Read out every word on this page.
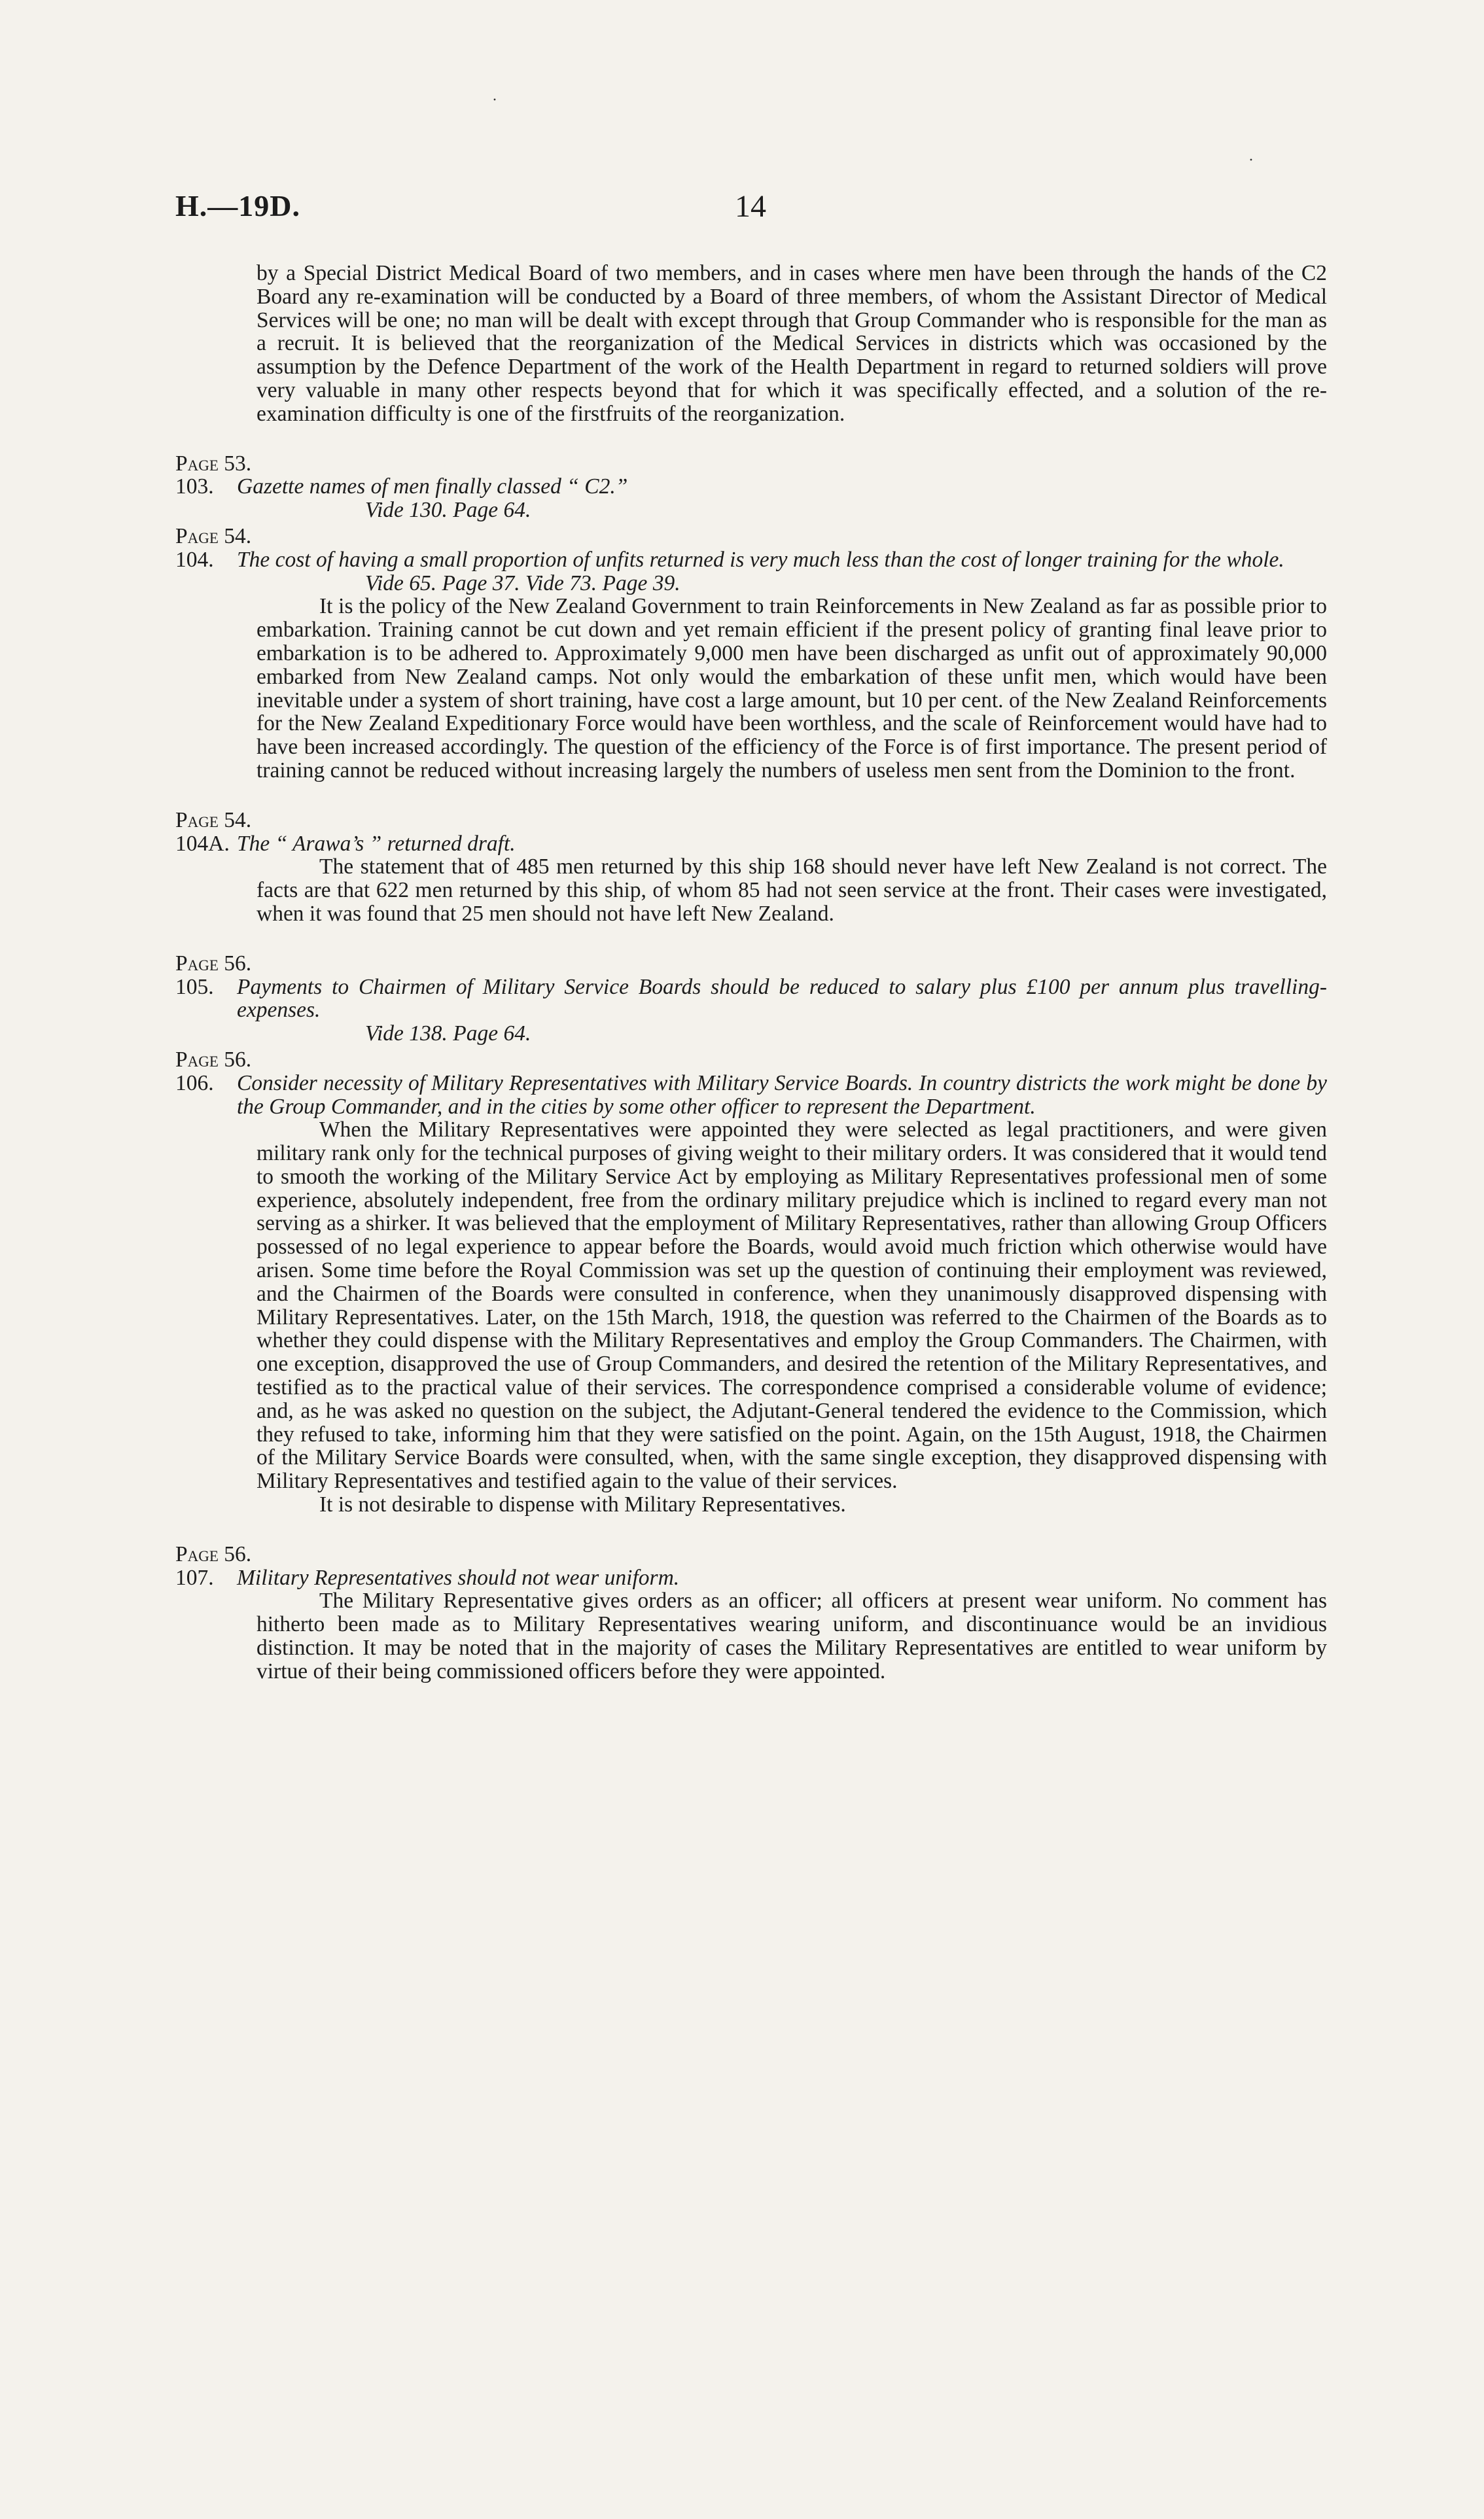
·
·
H.—19D.	14

by a Special District Medical Board of two members, and in cases where men have been through the hands of the C2 Board any re-examination will be conducted by a Board of three members, of whom the Assistant Director of Medical Services will be one; no man will be dealt with except through that Group Commander who is responsible for the man as a recruit. It is believed that the reorganization of the Medical Services in districts which was occasioned by the assumption by the Defence Department of the work of the Health Department in regard to returned soldiers will prove very valuable in many other respects beyond that for which it was specifically effected, and a solution of the re-examination difficulty is one of the firstfruits of the reorganization.

Page 53.
103.	Gazette names of men finally classed “ C2.”
Vide 130. Page 64.
Page 54.
104.	The cost of having a small proportion of unfits returned is very much less than the cost of longer training for the whole.
Vide 65. Page 37. Vide 73. Page 39.

It is the policy of the New Zealand Government to train Reinforcements in New Zealand as far as possible prior to embarkation. Training cannot be cut down and yet remain efficient if the present policy of granting final leave prior to embarkation is to be adhered to. Approximately 9,000 men have been discharged as unfit out of approximately 90,000 embarked from New Zealand camps. Not only would the embarkation of these unfit men, which would have been inevitable under a system of short training, have cost a large amount, but 10 per cent. of the New Zealand Reinforcements for the New Zealand Expeditionary Force would have been worthless, and the scale of Reinforcement would have had to have been increased accordingly. The question of the efficiency of the Force is of first importance. The present period of training cannot be reduced without increasing largely the numbers of useless men sent from the Dominion to the front.

Page 54.
104A. The “ Arawa’s ” returned draft.

The statement that of 485 men returned by this ship 168 should never have left New Zealand is not correct. The facts are that 622 men returned by this ship, of whom 85 had not seen service at the front. Their cases were investigated, when it was found that 25 men should not have left New Zealand.

Page 56.
105.	Payments to Chairmen of Military Service Boards should be reduced to salary plus £100 per annum plus travelling-expenses.
Vide 138. Page 64.
Page 56.
106.	Consider necessity of Military Representatives with Military Service Boards. In country districts the work might be done by the Group Commander, and in the cities by some other officer to represent the Department.

When the Military Representatives were appointed they were selected as legal practitioners, and were given military rank only for the technical purposes of giving weight to their military orders. It was considered that it would tend to smooth the working of the Military Service Act by employing as Military Representatives professional men of some experience, absolutely independent, free from the ordinary military prejudice which is inclined to regard every man not serving as a shirker. It was believed that the employment of Military Representatives, rather than allowing Group Officers possessed of no legal experience to appear before the Boards, would avoid much friction which otherwise would have arisen. Some time before the Royal Commission was set up the question of continuing their employment was reviewed, and the Chairmen of the Boards were consulted in conference, when they unanimously disapproved dispensing with Military Representatives. Later, on the 15th March, 1918, the question was referred to the Chairmen of the Boards as to whether they could dispense with the Military Representatives and employ the Group Commanders. The Chairmen, with one exception, disapproved the use of Group Commanders, and desired the retention of the Military Representatives, and testified as to the practical value of their services. The correspondence comprised a considerable volume of evidence; and, as he was asked no question on the subject, the Adjutant-General tendered the evidence to the Commission, which they refused to take, informing him that they were satisfied on the point. Again, on the 15th August, 1918, the Chairmen of the Military Service Boards were consulted, when, with the same single exception, they disapproved dispensing with Military Representatives and testified again to the value of their services.

It is not desirable to dispense with Military Representatives.

Page 56.
107.	Military Representatives should not wear uniform.

The Military Representative gives orders as an officer; all officers at present wear uniform. No comment has hitherto been made as to Military Representatives wearing uniform, and discontinuance would be an invidious distinction. It may be noted that in the majority of cases the Military Representatives are entitled to wear uniform by virtue of their being commissioned officers before they were appointed.
